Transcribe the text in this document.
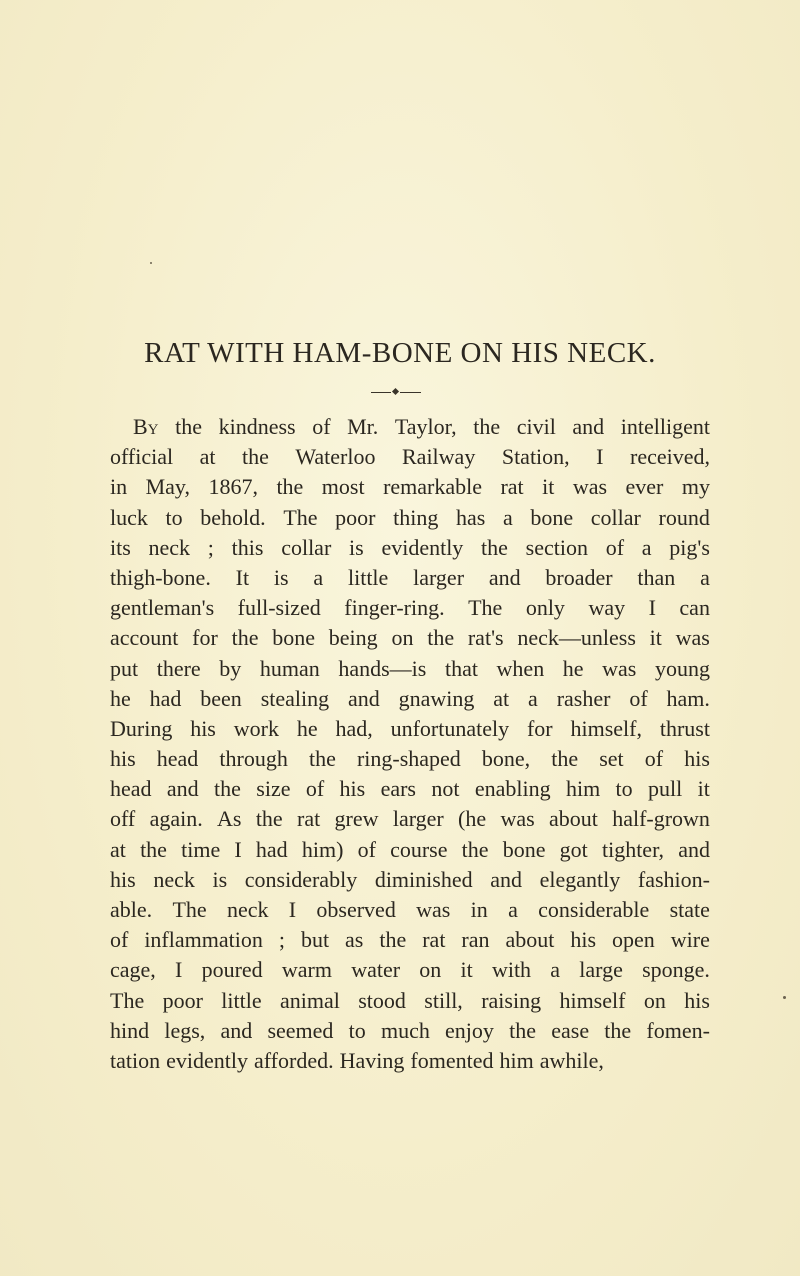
RAT WITH HAM-BONE ON HIS NECK.
By the kindness of Mr. Taylor, the civil and intelligent
official at the Waterloo Railway Station, I received,
in May, 1867, the most remarkable rat it was ever my
luck to behold. The poor thing has a bone collar round
its neck ; this collar is evidently the section of a pig's
thigh-bone. It is a little larger and broader than a
gentleman's full-sized finger-ring. The only way I can
account for the bone being on the rat's neck—unless it was
put there by human hands—is that when he was young
he had been stealing and gnawing at a rasher of ham.
During his work he had, unfortunately for himself, thrust
his head through the ring-shaped bone, the set of his
head and the size of his ears not enabling him to pull it
off again. As the rat grew larger (he was about half-grown
at the time I had him) of course the bone got tighter, and
his neck is considerably diminished and elegantly fashion-
able. The neck I observed was in a considerable state
of inflammation ; but as the rat ran about his open wire
cage, I poured warm water on it with a large sponge.
The poor little animal stood still, raising himself on his
hind legs, and seemed to much enjoy the ease the fomen-
tation evidently afforded. Having fomented him awhile,
